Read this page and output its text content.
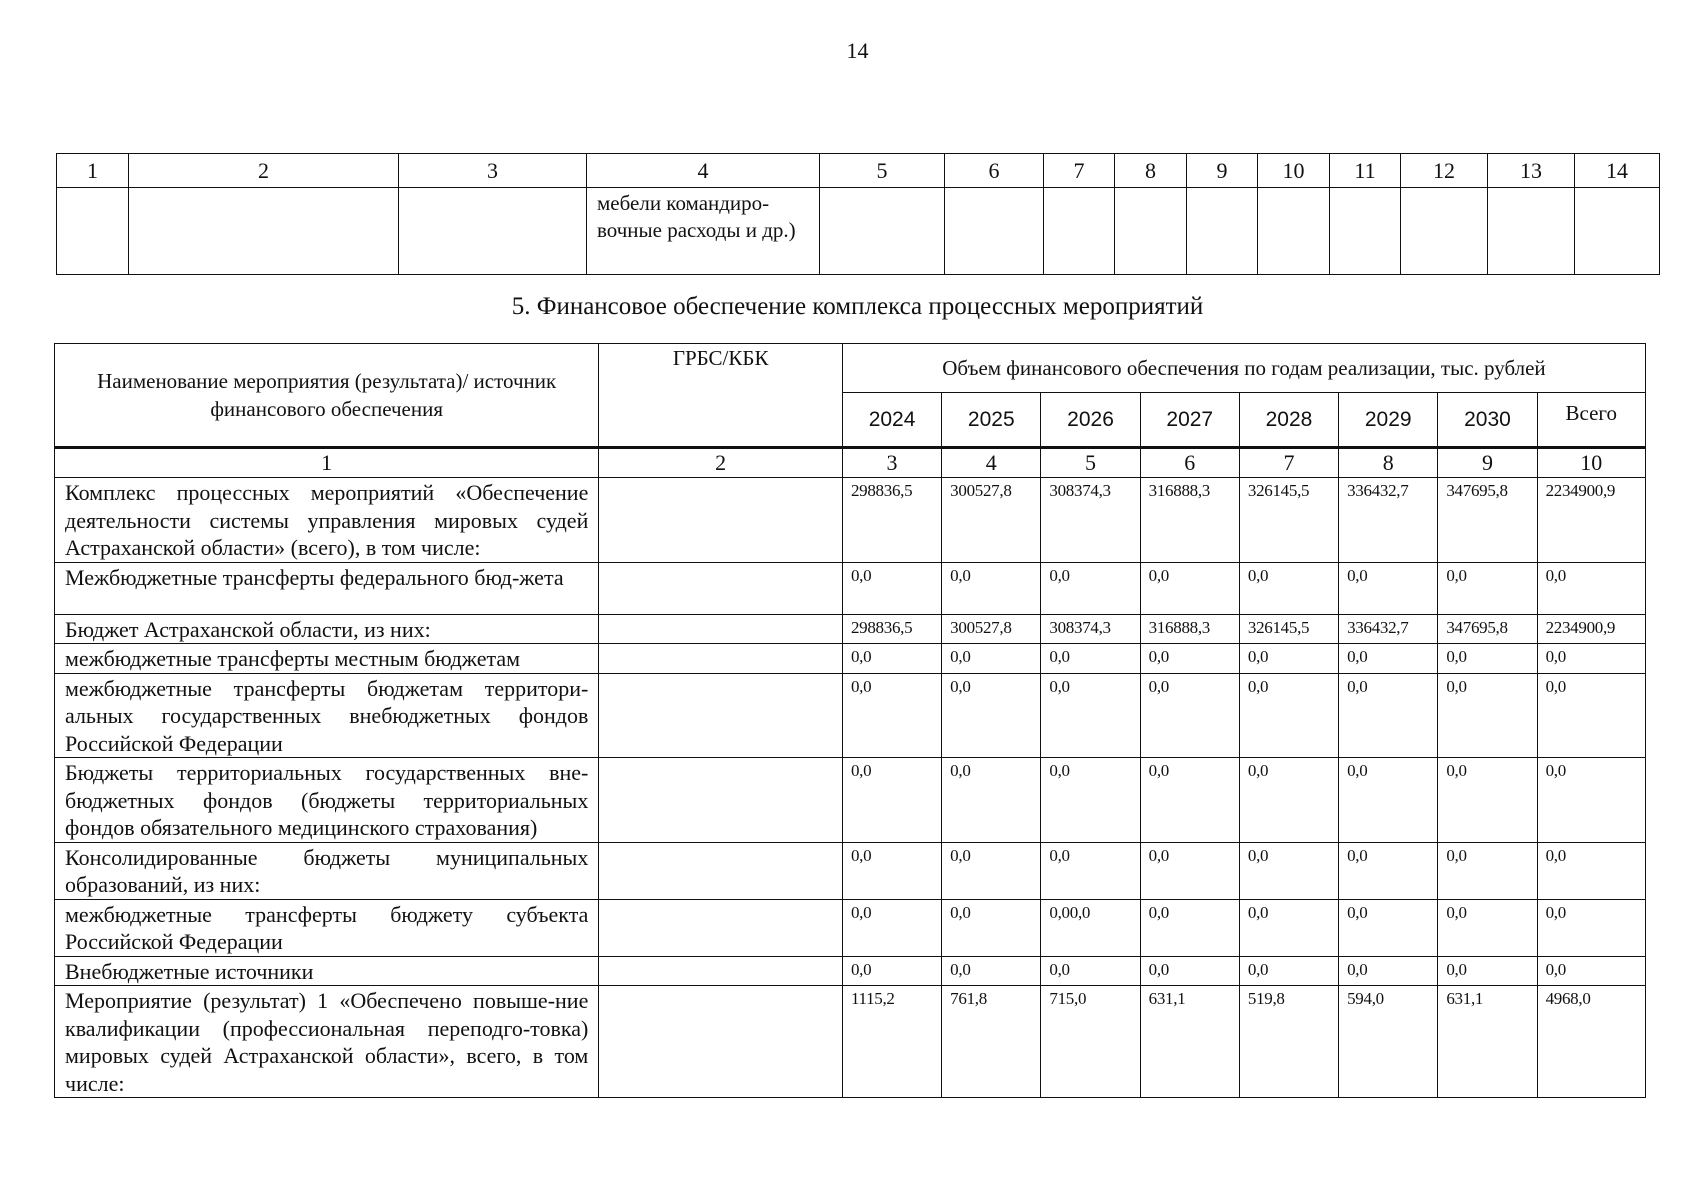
14
1	2	3	4	5	6	7	8	9	10	11	12	13	14
			мебели командиро-вочные расходы и др.)										
5. Финансовое обеспечение комплекса процессных мероприятий
Наименование мероприятия (результата)/ источник финансового обеспечения	ГРБС/КБК	Объем финансового обеспечения по годам реализации, тыс. рублей							
		2024	2025	2026	2027	2028	2029	2030	Всего
1	2	3	4	5	6	7	8	9	10
Комплекс процессных мероприятий «Обеспечение деятельности системы управления мировых судей Астраханской области» (всего), в том числе:		298836,5	300527,8	308374,3	316888,3	326145,5	336432,7	347695,8	2234900,9
Межбюджетные трансферты федерального бюд-жета		0,0	0,0	0,0	0,0	0,0	0,0	0,0	0,0
Бюджет Астраханской области, из них:		298836,5	300527,8	308374,3	316888,3	326145,5	336432,7	347695,8	2234900,9
межбюджетные трансферты местным бюджетам		0,0	0,0	0,0	0,0	0,0	0,0	0,0	0,0
межбюджетные трансферты бюджетам территори-альных государственных внебюджетных фондов Российской Федерации		0,0	0,0	0,0	0,0	0,0	0,0	0,0	0,0
Бюджеты территориальных государственных вне-бюджетных фондов (бюджеты территориальных фондов обязательного медицинского страхования)		0,0	0,0	0,0	0,0	0,0	0,0	0,0	0,0
Консолидированные бюджеты муниципальных образований, из них:		0,0	0,0	0,0	0,0	0,0	0,0	0,0	0,0
межбюджетные трансферты бюджету субъекта Российской Федерации		0,0	0,0	0,00,0	0,0	0,0	0,0	0,0	0,0
Внебюджетные источники		0,0	0,0	0,0	0,0	0,0	0,0	0,0	0,0
Мероприятие (результат) 1 «Обеспечено повыше-ние квалификации (профессиональная переподго-товка) мировых судей Астраханской области», всего, в том числе:		1115,2	761,8	715,0	631,1	519,8	594,0	631,1	4968,0
